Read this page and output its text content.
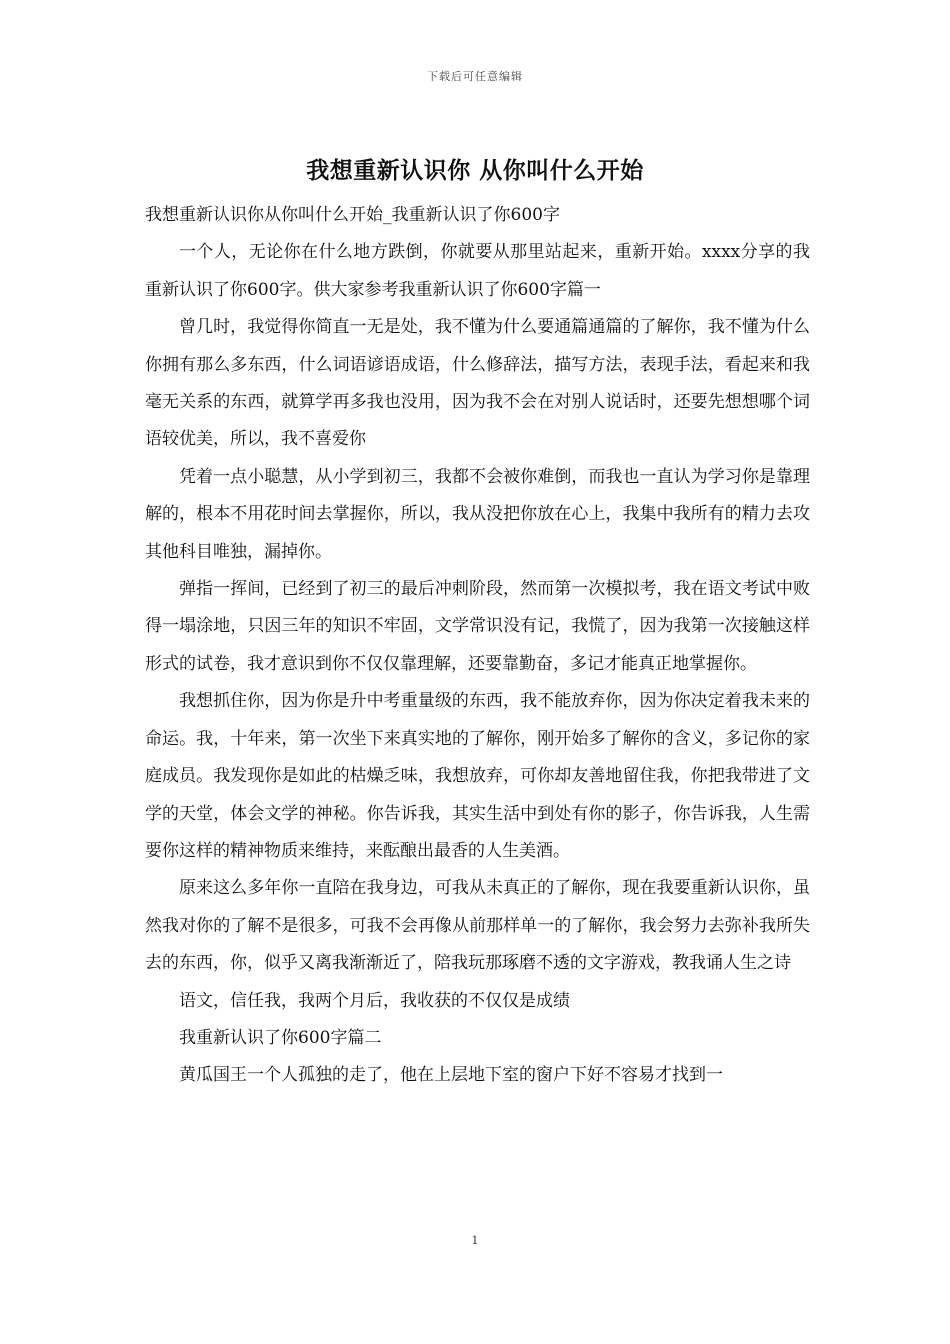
下载后可任意编辑
我想重新认识你 从你叫什么开始

我想重新认识你从你叫什么开始_我重新认识了你600字

一个人，无论你在什么地方跌倒，你就要从那里站起来，重新开始。xxxx分享的我重新认识了你600字。供大家参考我重新认识了你600字篇一

曾几时，我觉得你简直一无是处，我不懂为什么要通篇通篇的了解你，我不懂为什么你拥有那么多东西，什么词语谚语成语，什么修辞法，描写方法，表现手法，看起来和我毫无关系的东西，就算学再多我也没用，因为我不会在对别人说话时，还要先想想哪个词语较优美，所以，我不喜爱你

凭着一点小聪慧，从小学到初三，我都不会被你难倒，而我也一直认为学习你是靠理解的，根本不用花时间去掌握你，所以，我从没把你放在心上，我集中我所有的精力去攻其他科目唯独，漏掉你。

弹指一挥间，已经到了初三的最后冲刺阶段，然而第一次模拟考，我在语文考试中败得一塌涂地，只因三年的知识不牢固，文学常识没有记，我慌了，因为我第一次接触这样形式的试卷，我才意识到你不仅仅靠理解，还要靠勤奋，多记才能真正地掌握你。

我想抓住你，因为你是升中考重量级的东西，我不能放弃你，因为你决定着我未来的命运。我，十年来，第一次坐下来真实地的了解你，刚开始多了解你的含义，多记你的家庭成员。我发现你是如此的枯燥乏味，我想放弃，可你却友善地留住我，你把我带进了文学的天堂，体会文学的神秘。你告诉我，其实生活中到处有你的影子，你告诉我，人生需要你这样的精神物质来维持，来酝酿出最香的人生美酒。

原来这么多年你一直陪在我身边，可我从未真正的了解你，现在我要重新认识你，虽然我对你的了解不是很多，可我不会再像从前那样单一的了解你，我会努力去弥补我所失去的东西，你，似乎又离我渐渐近了，陪我玩那琢磨不透的文字游戏，教我诵人生之诗

语文，信任我，我两个月后，我收获的不仅仅是成绩

我重新认识了你600字篇二

黄瓜国王一个人孤独的走了，他在上层地下室的窗户下好不容易才找到一

1
